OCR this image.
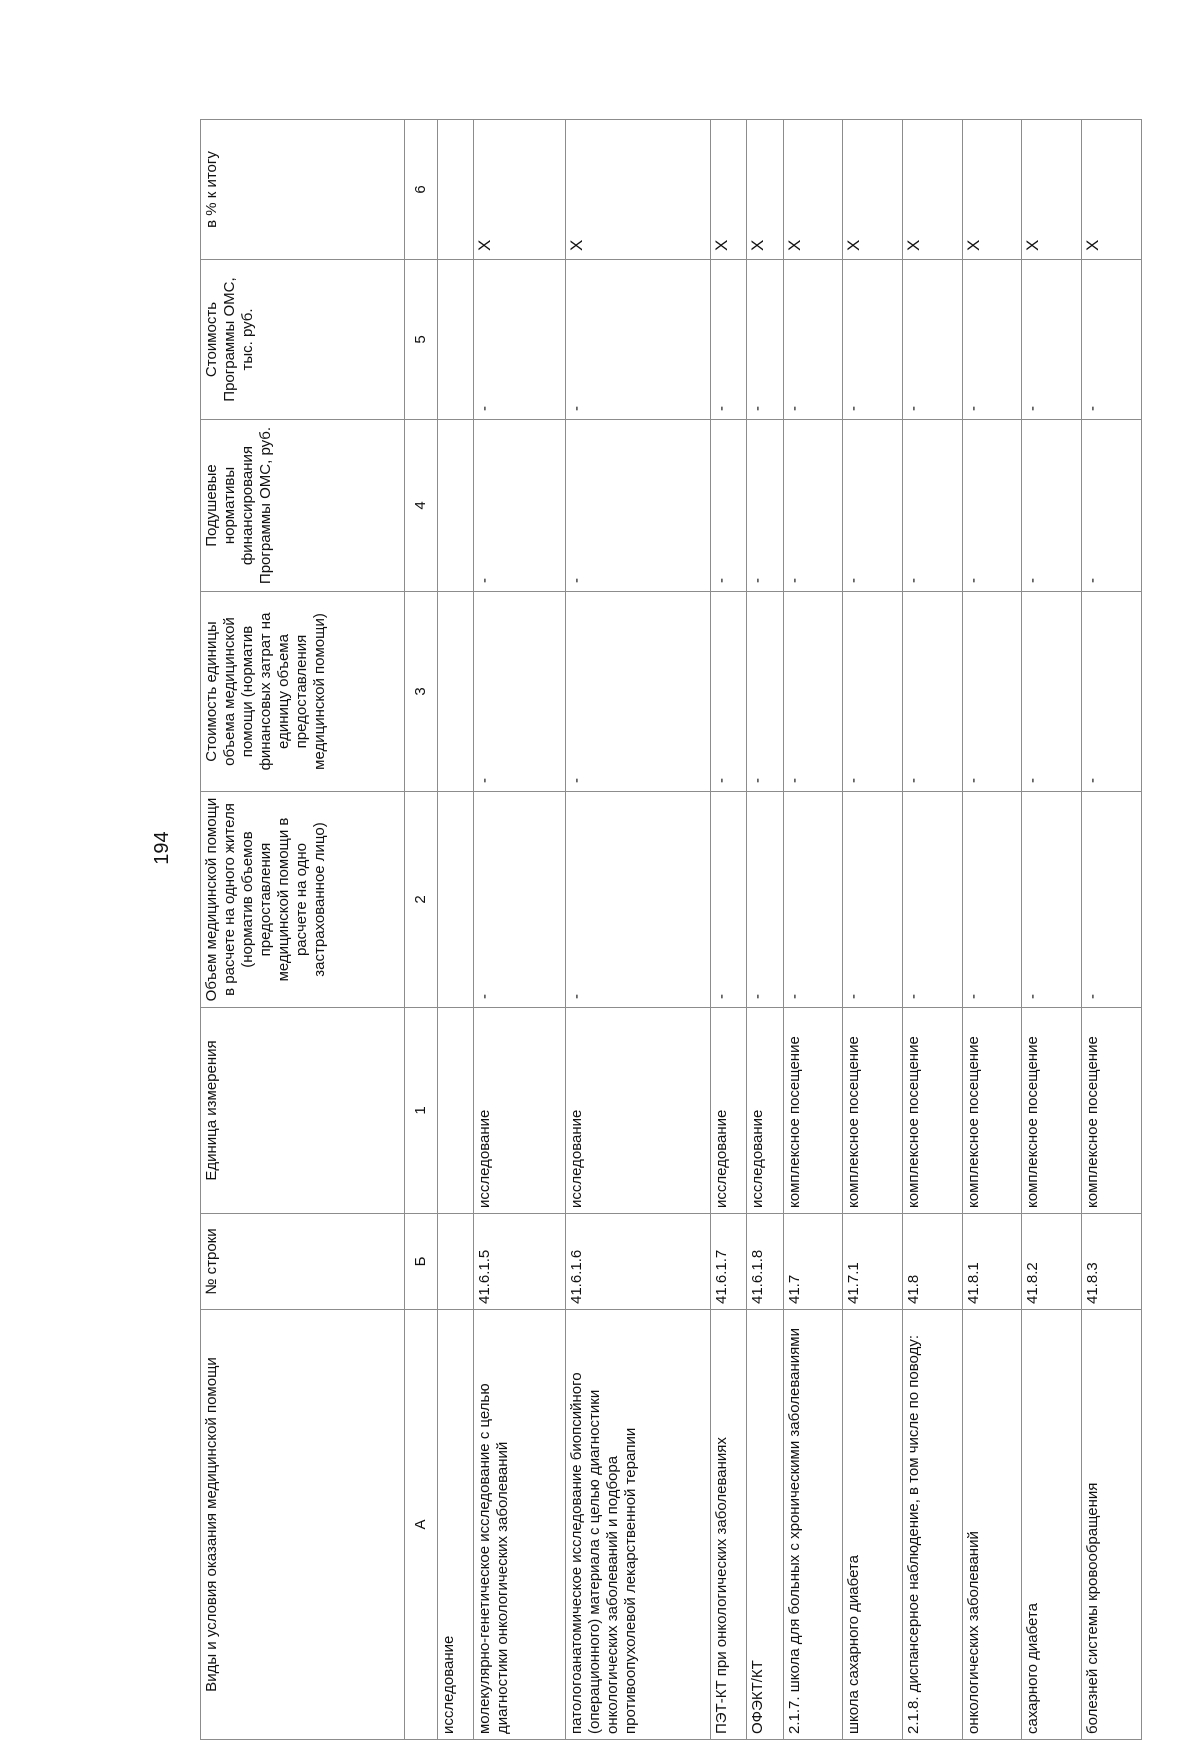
194
Виды и условия оказания медицинской помощи	№ строки	Единица измерения	Объем медицинской помощи в расчете на одного жителя (норматив объемов предоставления медицинской помощи в расчете на одно застрахованное лицо)	Стоимость единицы объема медицинской помощи (норматив финансовых затрат на единицу объема предоставления медицинской помощи)	Подушевые нормативы финансирования Программы ОМС, руб.	Стоимость Программы ОМС, тыс. руб.	в % к итогу
А	Б	1	2	3	4	5	6
исследование							
молекулярно-генетическое исследование с целью диагностики онкологических заболеваний	41.6.1.5	исследование	-	-	-	-	X
патологоанатомическое исследование биопсийного (операционного) материала с целью диагностики онкологических заболеваний и подбора противоопухолевой лекарственной терапии	41.6.1.6	исследование	-	-	-	-	X
ПЭТ-КТ при онкологических заболеваниях	41.6.1.7	исследование	-	-	-	-	X
ОФЭКТ/КТ	41.6.1.8	исследование	-	-	-	-	X
2.1.7. школа для больных с хроническими заболеваниями	41.7	комплексное посещение	-	-	-	-	X
школа сахарного диабета	41.7.1	комплексное посещение	-	-	-	-	X
2.1.8. диспансерное наблюдение, в том числе по поводу:	41.8	комплексное посещение	-	-	-	-	X
онкологических заболеваний	41.8.1	комплексное посещение	-	-	-	-	X
сахарного диабета	41.8.2	комплексное посещение	-	-	-	-	X
болезней системы кровообращения	41.8.3	комплексное посещение	-	-	-	-	X
